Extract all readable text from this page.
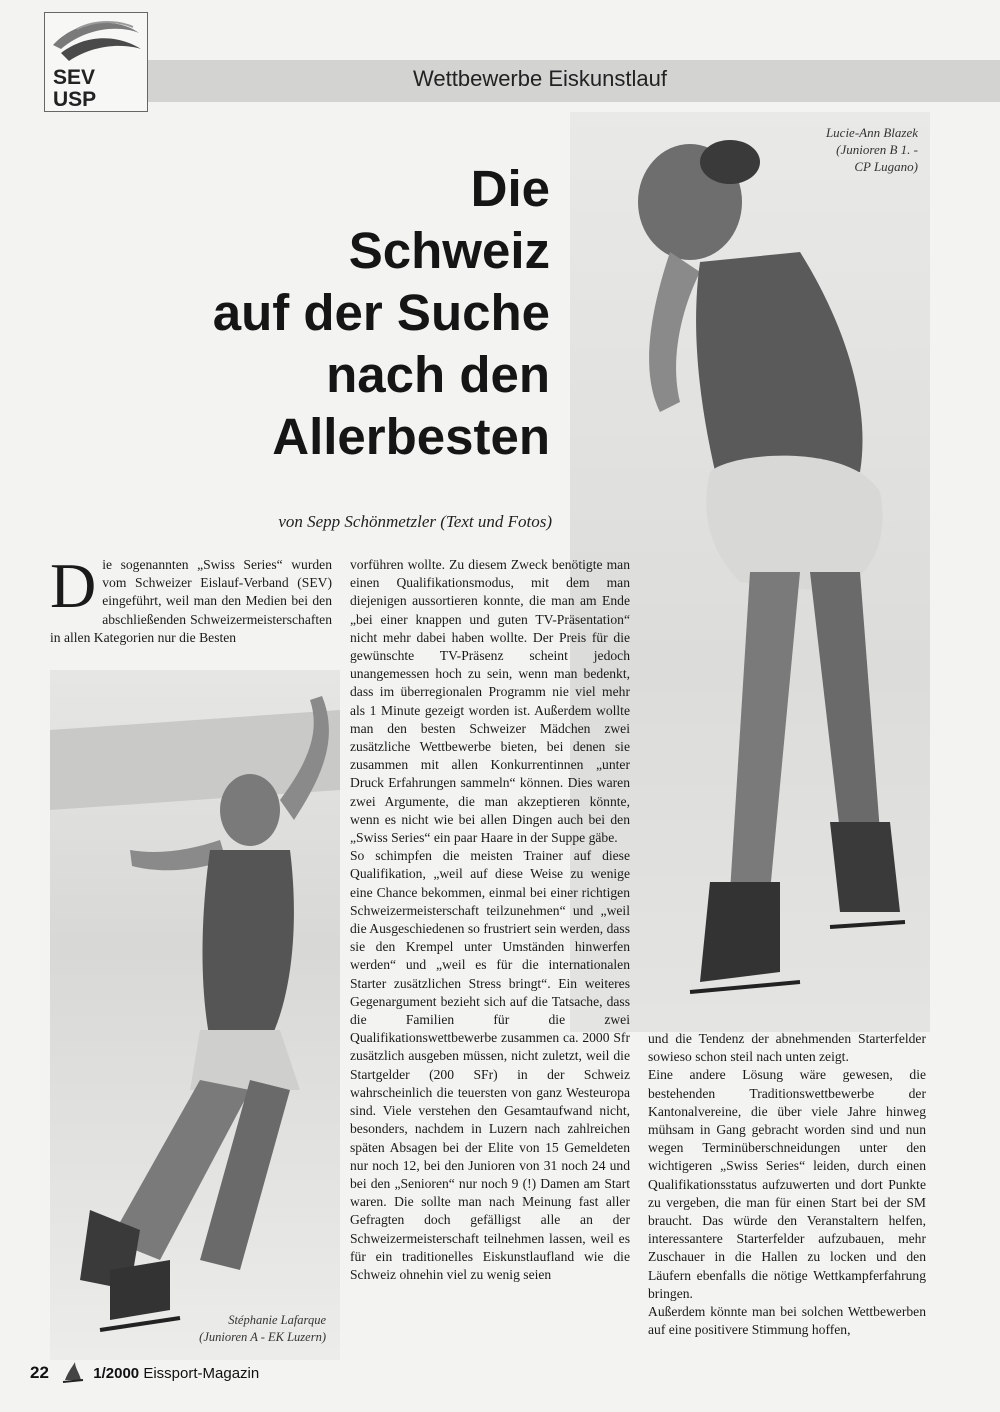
SEV
USP
Wettbewerbe Eiskunstlauf
Lucie-Ann Blazek
(Junioren B 1. -
CP Lugano)
Stéphanie Lafarque
(Junioren A - EK Luzern)
Die
Schweiz
auf der Suche
nach den
Allerbesten
von Sepp Schönmetzler (Text und Fotos)
Die sogenannten „Swiss Series“ wurden vom Schweizer Eislauf-Verband (SEV) eingeführt, weil man den Medien bei den abschließenden Schweizermeisterschaften in allen Kategorien nur die Besten

vorführen wollte. Zu diesem Zweck benötigte man einen Qualifikationsmodus, mit dem man diejenigen aussortieren konnte, die man am Ende „bei einer knappen und guten TV-Präsentation“ nicht mehr dabei haben wollte. Der Preis für die gewünschte TV-Präsenz scheint jedoch unangemessen hoch zu sein, wenn man bedenkt, dass im überregionalen Programm nie viel mehr als 1 Minute gezeigt worden ist. Außerdem wollte man den besten Schweizer Mädchen zwei zusätzliche Wettbewerbe bieten, bei denen sie zusammen mit allen Konkurrentinnen „unter Druck Erfahrungen sammeln“ können. Dies waren zwei Argumente, die man akzeptieren könnte, wenn es nicht wie bei allen Dingen auch bei den „Swiss Series“ ein paar Haare in der Suppe gäbe.

So schimpfen die meisten Trainer auf diese Qualifikation, „weil auf diese Weise zu wenige eine Chance bekommen, einmal bei einer richtigen Schweizermeisterschaft teilzunehmen“ und „weil die Ausgeschiedenen so frustriert sein werden, dass sie den Krempel unter Umständen hinwerfen werden“ und „weil es für die internationalen Starter zusätzlichen Stress bringt“. Ein weiteres Gegenargument bezieht sich auf die Tatsache, dass die Familien für die zwei Qualifikationswettbewerbe zusammen ca. 2000 Sfr zusätzlich ausgeben müssen, nicht zuletzt, weil die Startgelder (200 SFr) in der Schweiz wahrscheinlich die teuersten von ganz Westeuropa sind. Viele verstehen den Gesamtaufwand nicht, besonders, nachdem in Luzern nach zahlreichen späten Absagen bei der Elite von 15 Gemeldeten nur noch 12, bei den Junioren von 31 noch 24 und bei den „Senioren“ nur noch 9 (!) Damen am Start waren. Die sollte man nach Meinung fast aller Gefragten doch gefälligst alle an der Schweizermeisterschaft teilnehmen lassen, weil es für ein traditionelles Eiskunstlaufland wie die Schweiz ohnehin viel zu wenig seien

und die Tendenz der abnehmenden Starterfelder sowieso schon steil nach unten zeigt.

Eine andere Lösung wäre gewesen, die bestehenden Traditionswettbewerbe der Kantonalvereine, die über viele Jahre hinweg mühsam in Gang gebracht worden sind und nun wegen Terminüberschneidungen unter den wichtigeren „Swiss Series“ leiden, durch einen Qualifikationsstatus aufzuwerten und dort Punkte zu vergeben, die man für einen Start bei der SM braucht. Das würde den Veranstaltern helfen, interessantere Starterfelder aufzubauen, mehr Zuschauer in die Hallen zu locken und den Läufern ebenfalls die nötige Wettkampferfahrung bringen.

Außerdem könnte man bei solchen Wettbewerben auf eine positivere Stimmung hoffen,

22	1/2000 Eissport-Magazin
